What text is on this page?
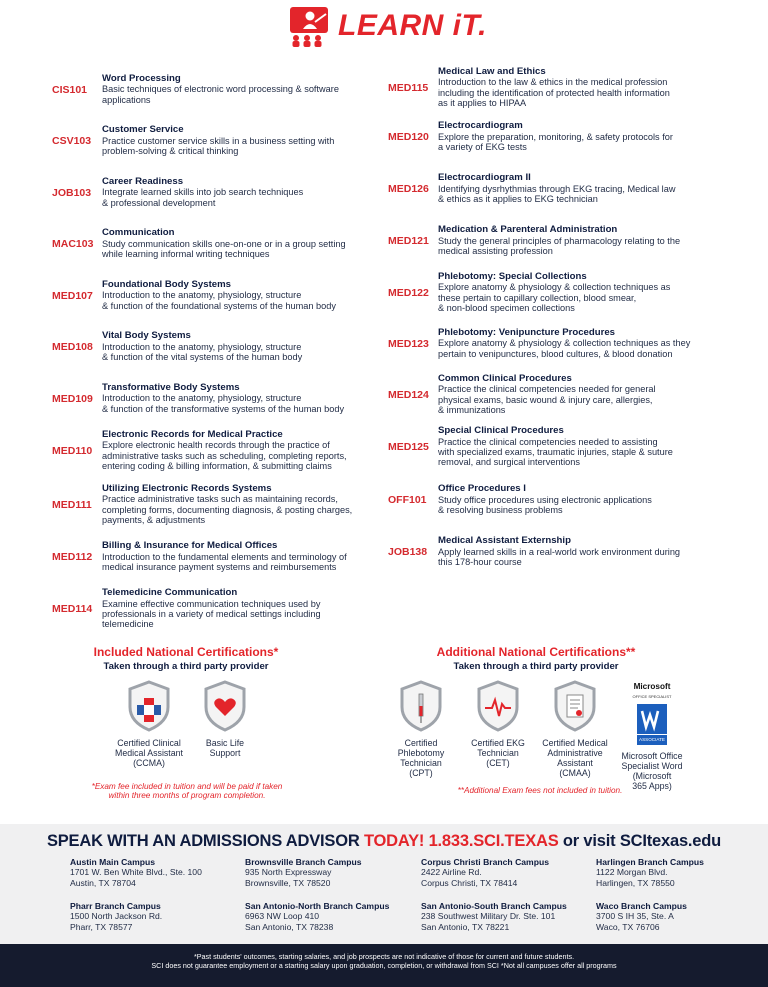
LEARN iT.
CIS101
Word Processing
Basic techniques of electronic word processing & software
applications
CSV103
Customer Service
Practice customer service skills in a business setting with
problem-solving & critical thinking
JOB103
Career Readiness
Integrate learned skills into job search techniques
& professional development
MAC103
Communication
Study communication skills one-on-one or in a group setting
while learning informal writing techniques
MED107
Foundational Body Systems
Introduction to the anatomy, physiology, structure
& function of the foundational systems of the human body
MED108
Vital Body Systems
Introduction to the anatomy, physiology, structure
& function of the vital systems of the human body
MED109
Transformative Body Systems
Introduction to the anatomy, physiology, structure
& function of the transformative systems of the human body
MED110
Electronic Records for Medical Practice
Explore electronic health records through the practice of
administrative tasks such as scheduling, completing reports,
entering coding & billing information, & submitting claims
MED111
Utilizing Electronic Records Systems
Practice administrative tasks such as maintaining records,
completing forms, documenting diagnosis, & posting charges,
payments, & adjustments
MED112
Billing & Insurance for Medical Offices
Introduction to the fundamental elements and terminology of
medical insurance payment systems and reimbursements
MED114
Telemedicine Communication
Examine effective communication techniques used by
professionals in a variety of medical settings including
telemedicine
MED115
Medical Law and Ethics
Introduction to the law & ethics in the medical profession
including the identification of protected health information
as it applies to HIPAA
MED120
Electrocardiogram
Explore the preparation, monitoring, & safety protocols for
a variety of EKG tests
MED126
Electrocardiogram II
Identifying dysrhythmias through EKG tracing, Medical law
& ethics as it applies to EKG technician
MED121
Medication & Parenteral Administration
Study the general principles of pharmacology relating to the
medical assisting profession
MED122
Phlebotomy: Special Collections
Explore anatomy & physiology & collection techniques as
these pertain to capillary collection, blood smear,
& non-blood specimen collections
MED123
Phlebotomy: Venipuncture Procedures
Explore anatomy & physiology & collection techniques as they
pertain to venipunctures, blood cultures, & blood donation
MED124
Common Clinical Procedures
Practice the clinical competencies needed for general
physical exams, basic wound & injury care, allergies,
& immunizations
MED125
Special Clinical Procedures
Practice the clinical competencies needed to assisting
with specialized exams, traumatic injuries, staple & suture
removal, and surgical interventions
OFF101
Office Procedures I
Study office procedures using electronic applications
& resolving business problems
JOB138
Medical Assistant Externship
Apply learned skills in a real-world work environment during
this 178-hour course
Included National Certifications*
Taken through a third party provider
Certified Clinical
Medical Assistant
(CCMA)
Basic Life
Support
*Exam fee included in tuition and will be paid if taken
within three months of program completion.
Additional National Certifications**
Taken through a third party provider
Certified
Phlebotomy
Technician
(CPT)
Certified EKG
Technician
(CET)
Certified Medical
Administrative
Assistant
(CMAA)
Microsoft
OFFICE SPECIALIST
ASSOCIATE
Microsoft Office
Specialist Word
(Microsoft
365 Apps)
**Additional Exam fees not included in tuition.
SPEAK WITH AN ADMISSIONS ADVISOR TODAY! 1.833.SCI.TEXAS or visit SCItexas.edu
Austin Main Campus
1701 W. Ben White Blvd., Ste. 100
Austin, TX 78704
Brownsville Branch Campus
935 North Expressway
Brownsville, TX 78520
Corpus Christi Branch Campus
2422 Airline Rd.
Corpus Christi, TX 78414
Harlingen Branch Campus
1122 Morgan Blvd.
Harlingen, TX 78550
Pharr Branch Campus
1500 North Jackson Rd.
Pharr, TX 78577
San Antonio-North Branch Campus
6963 NW Loop 410
San Antonio, TX 78238
San Antonio-South Branch Campus
238 Southwest Military Dr. Ste. 101
San Antonio, TX 78221
Waco Branch Campus
3700 S IH 35, Ste. A
Waco, TX 76706
*Past students' outcomes, starting salaries, and job prospects are not indicative of those for current and future students.
SCI does not guarantee employment or a starting salary upon graduation, completion, or withdrawal from SCI *Not all campuses offer all programs
